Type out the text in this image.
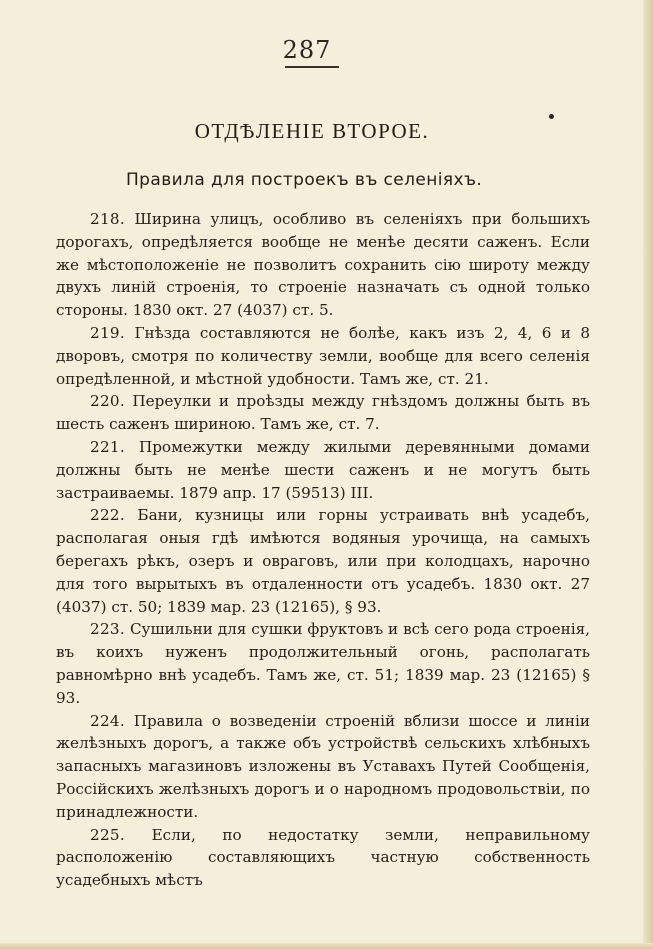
287
ОТДѢЛЕНІЕ ВТОРОЕ.
Правила для построекъ въ селеніяхъ.

218. Ширина улицъ, особливо въ селеніяхъ при большихъ дорогахъ, опредѣляется вообще не менѣе десяти саженъ. Если же мѣстоположеніе не позволитъ сохранить сію широту между двухъ линій строенія, то строеніе назначать съ одной только стороны. 1830 окт. 27 (4037) ст. 5.

219. Гнѣзда составляются не болѣе, какъ изъ 2, 4, 6 и 8 дворовъ, смотря по количеству земли, вообще для всего селенія опредѣленной, и мѣстной удобности. Тамъ же, ст. 21.

220. Переулки и проѣзды между гнѣздомъ должны быть въ шесть саженъ шириною. Тамъ же, ст. 7.

221. Промежутки между жилыми деревянными домами должны быть не менѣе шести саженъ и не могутъ быть застраиваемы. 1879 апр. 17 (59513) III.

222. Бани, кузницы или горны устраивать внѣ усадебъ, располагая оныя гдѣ имѣются водяныя урочища, на самыхъ берегахъ рѣкъ, озеръ и овраговъ, или при колодцахъ, нарочно для того вырытыхъ въ отдаленности отъ усадебъ. 1830 окт. 27 (4037) ст. 50; 1839 мар. 23 (12165), § 93.

223. Сушильни для сушки фруктовъ и всѣ сего рода строенія, въ коихъ нуженъ продолжительный огонь, располагать равномѣрно внѣ усадебъ. Тамъ же, ст. 51; 1839 мар. 23 (12165) § 93.

224. Правила о возведеніи строеній вблизи шоссе и линіи желѣзныхъ дорогъ, а также объ устройствѣ сельскихъ хлѣбныхъ запасныхъ магазиновъ изложены въ Уставахъ Путей Сообщенія, Россійскихъ желѣзныхъ дорогъ и о народномъ продовольствіи, по принадлежности.

225. Если, по недостатку земли, неправильному расположенію составляющихъ частную собственность усадебныхъ мѣстъ
